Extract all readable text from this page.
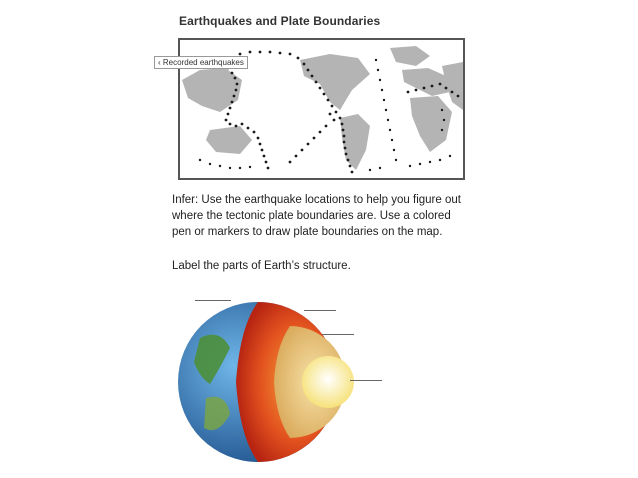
Earthquakes and Plate Boundaries
‹ Recorded earthquakes
Infer: Use the earthquake locations to help you figure out
where the tectonic plate boundaries are. Use a colored
pen or markers to draw plate boundaries on the map.
Label the parts of Earth’s structure.
